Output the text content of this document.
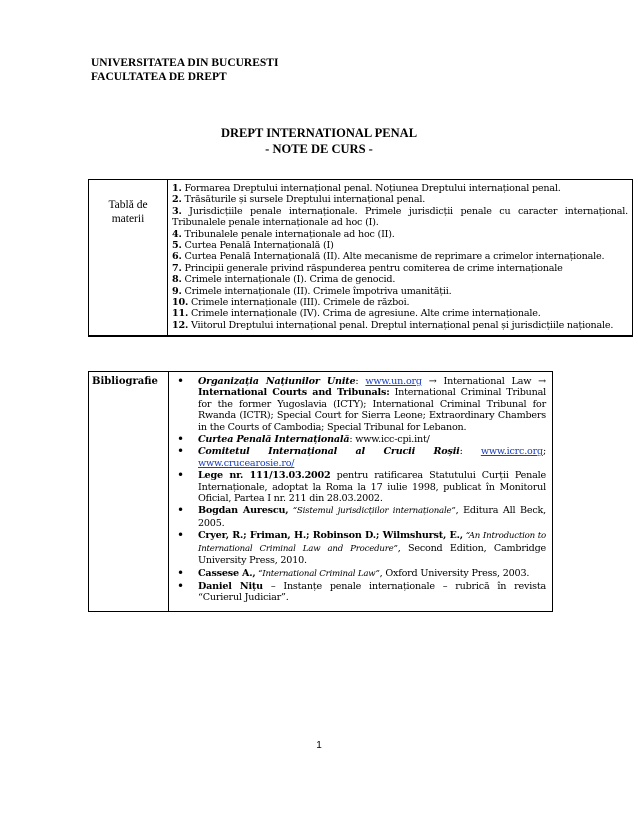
UNIVERSITATEA DIN BUCURESTI
FACULTATEA DE DREPT
DREPT INTERNATIONAL PENAL
- NOTE DE CURS -
Tablă de
materii

1. Formarea Dreptului internațional penal. Noțiunea Dreptului internațional penal.
2. Trăsăturile și sursele Dreptului internațional penal.
3. Jurisdicțiile penale internaționale. Primele jurisdicții penale cu caracter internațional. Tribunalele penale internaționale ad hoc (I).
4. Tribunalele penale internaționale ad hoc (II).
5. Curtea Penală Internațională (I)
6. Curtea Penală Internațională (II). Alte mecanisme de reprimare a crimelor internaționale.
7. Principii generale privind răspunderea pentru comiterea de crime internaționale
8. Crimele internaționale (I). Crima de genocid.
9. Crimele internaționale (II). Crimele împotriva umanității.
10. Crimele internaționale (III). Crimele de război.
11. Crimele internaționale (IV). Crima de agresiune. Alte crime internaționale.
12. Viitorul Dreptului internațional penal. Dreptul internațional penal și jurisdicțiile naționale.
Bibliografie	
•Organizația Națiunilor Unite: www.un.org → International Law → International Courts and Tribunals: International Criminal Tribunal for the former Yugoslavia (ICTY); International Criminal Tribunal for Rwanda (ICTR); Special Court for Sierra Leone; Extraordinary Chambers in the Courts of Cambodia; Special Tribunal for Lebanon.
• Curtea Penală Internațională: www.icc-cpi.int/
• Comitetul Internațional al Crucii Roșii: www.icrc.org; www.crucearosie.ro/
• Lege nr. 111/13.03.2002 pentru ratificarea Statutului Curții Penale Internaționale, adoptat la Roma la 17 iulie 1998, publicat în Monitorul Oficial, Partea I nr. 211 din 28.03.2002.
• Bogdan Aurescu, “Sistemul jurisdicțiilor internaționale”, Editura All Beck, 2005.
• Cryer, R.; Friman, H.; Robinson D.; Wilmshurst, E., “An Introduction to International Criminal Law and Procedure”, Second Edition, Cambridge University Press, 2010.
• Cassese A., “International Criminal Law”, Oxford University Press, 2003.
• Daniel Nițu – Instanțe penale internaționale – rubrică în revista “Curierul Judiciar”.
1
